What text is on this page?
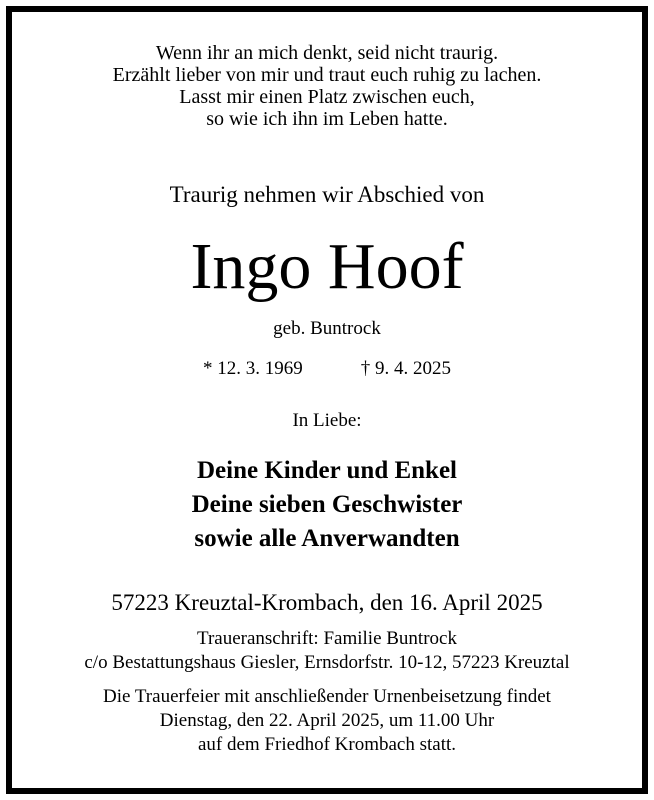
Wenn ihr an mich denkt, seid nicht traurig.
Erzählt lieber von mir und traut euch ruhig zu lachen.
Lasst mir einen Platz zwischen euch,
so wie ich ihn im Leben hatte.
Traurig nehmen wir Abschied von
Ingo Hoof
geb. Buntrock
* 12. 3. 1969	† 9. 4. 2025
In Liebe:
Deine Kinder und Enkel
Deine sieben Geschwister
sowie alle Anverwandten
57223 Kreuztal-Krombach, den 16. April 2025
Traueranschrift: Familie Buntrock
c/o Bestattungshaus Giesler, Ernsdorfstr. 10-12, 57223 Kreuztal
Die Trauerfeier mit anschließender Urnenbeisetzung findet
Dienstag, den 22. April 2025, um 11.00 Uhr
auf dem Friedhof Krombach statt.
